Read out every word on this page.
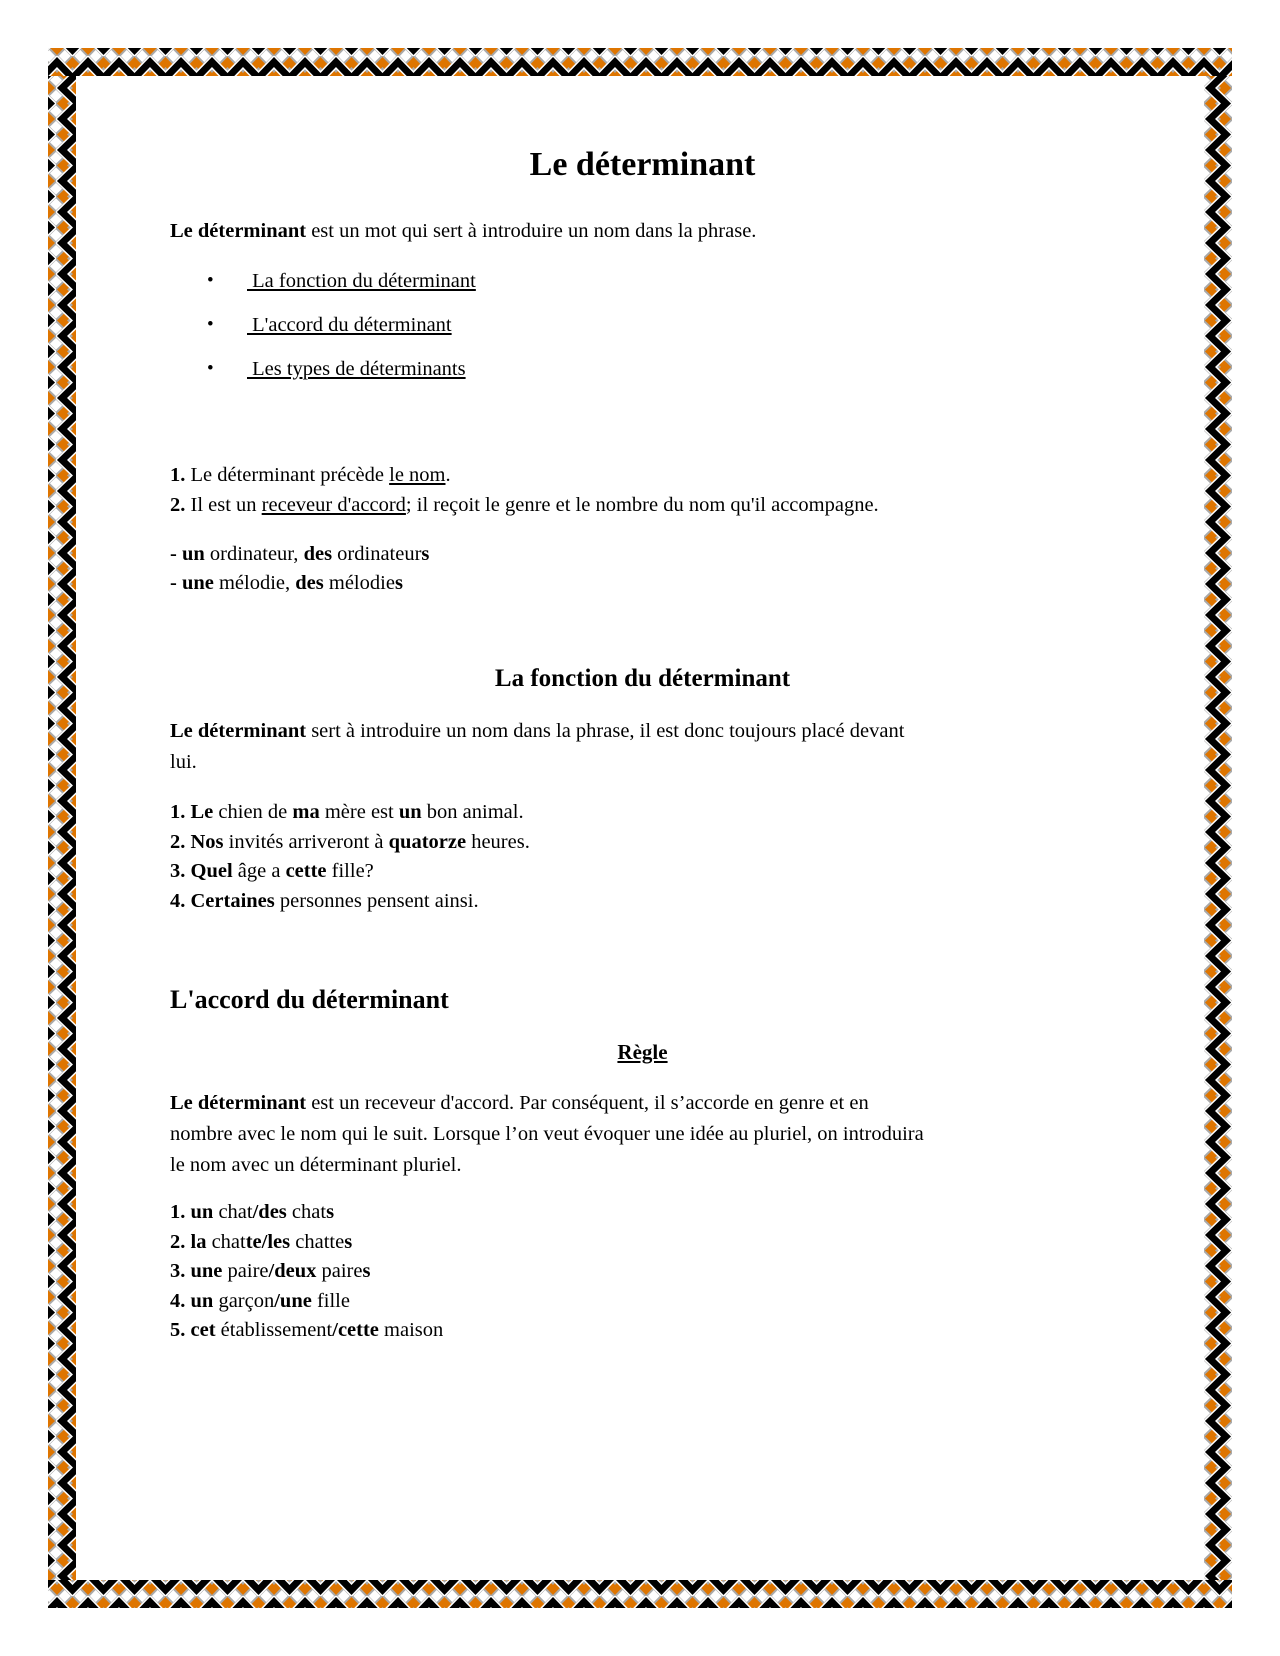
Le déterminant
Le déterminant est un mot qui sert à introduire un nom dans la phrase.
•  La fonction du déterminant
•  L'accord du déterminant
•  Les types de déterminants
1. Le déterminant précède le nom.
2. Il est un receveur d'accord; il reçoit le genre et le nombre du nom qu'il accompagne.
- un ordinateur, des ordinateurs
- une mélodie, des mélodies
La fonction du déterminant
Le déterminant sert à introduire un nom dans la phrase, il est donc toujours placé devant
lui.
1. Le chien de ma mère est un bon animal.
2. Nos invités arriveront à quatorze heures.
3. Quel âge a cette fille?
4. Certaines personnes pensent ainsi.
L'accord du déterminant
Règle
Le déterminant est un receveur d'accord. Par conséquent, il s’accorde en genre et en
nombre avec le nom qui le suit. Lorsque l’on veut évoquer une idée au pluriel, on introduira
le nom avec un déterminant pluriel.
1. un chat/des chats
2. la chatte/les chattes
3. une paire/deux paires
4. un garçon/une fille
5. cet établissement/cette maison
